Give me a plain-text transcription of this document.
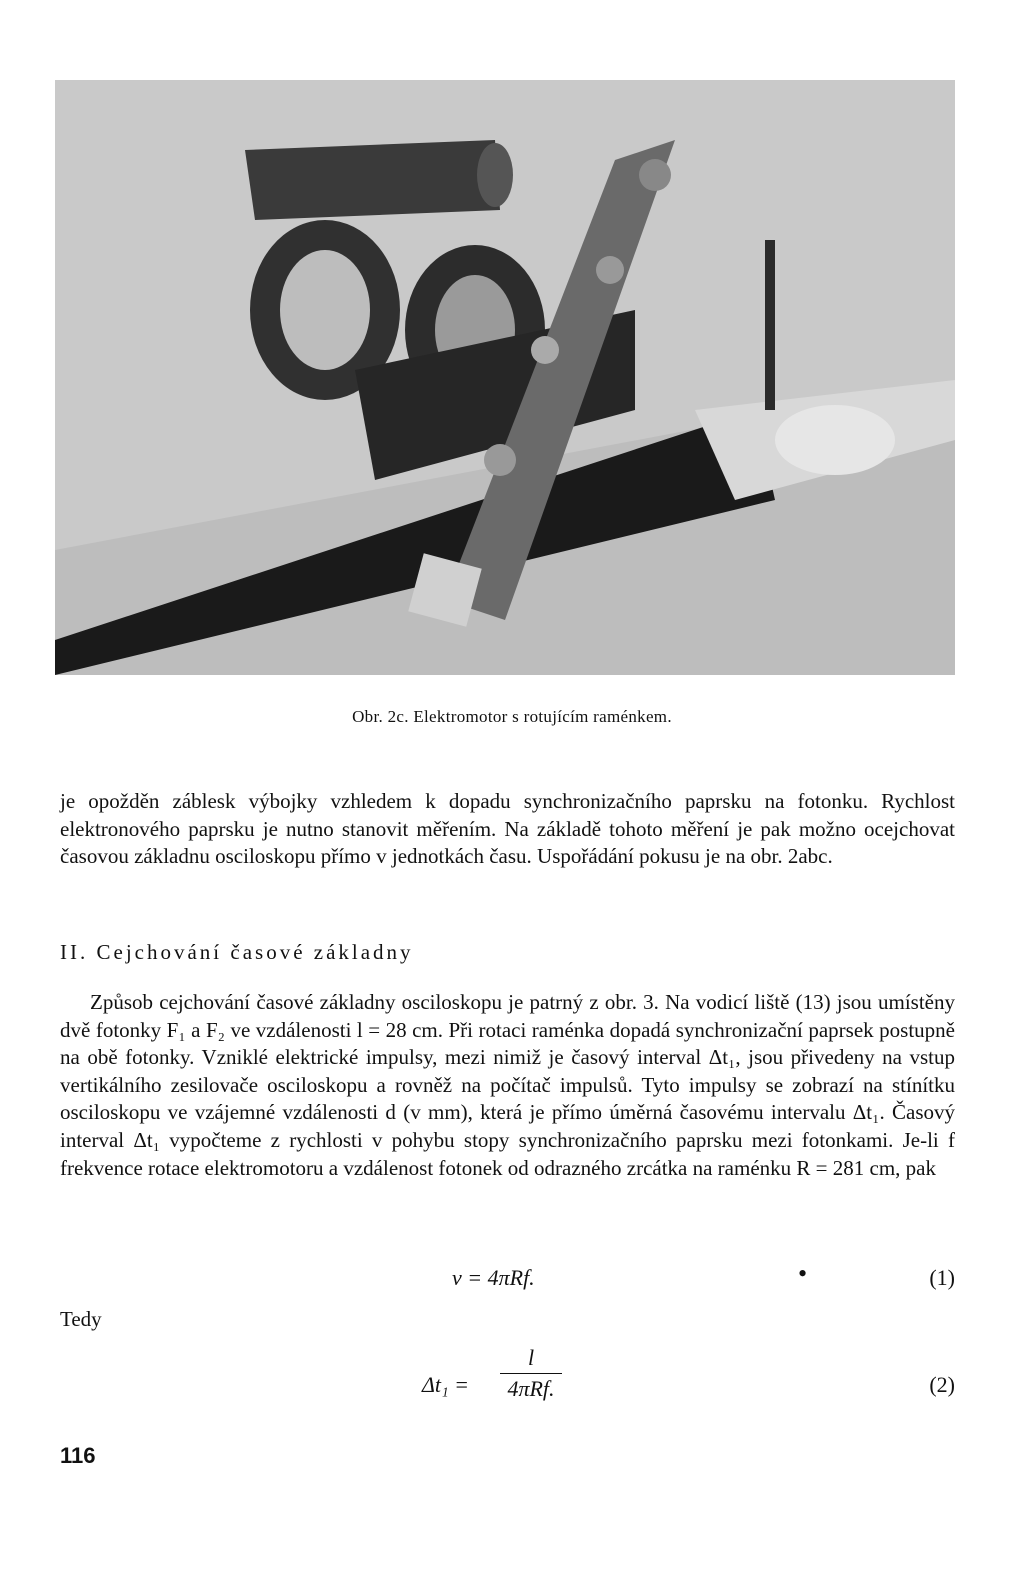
Obr. 2c. Elektromotor s rotujícím raménkem.

je opožděn záblesk výbojky vzhledem k dopadu synchronizačního paprsku na fotonku. Rychlost elektronového paprsku je nutno stanovit měřením. Na základě tohoto měření je pak možno ocejchovat časovou základnu osciloskopu přímo v jednotkách času. Uspořádání pokusu je na obr. 2abc.

II. Cejchování časové základny

Způsob cejchování časové základny osciloskopu je patrný z obr. 3. Na vodicí liště (13) jsou umístěny dvě fotonky F₁ a F₂ ve vzdálenosti l = 28 cm. Při rotaci raménka dopadá synchronizační paprsek postupně na obě fotonky. Vzniklé elektrické impulsy, mezi nimiž je časový interval Δt₁, jsou přivedeny na vstup vertikálního zesilovače osciloskopu a rovněž na počítač impulsů. Tyto impulsy se zobrazí na stínítku osciloskopu ve vzájemné vzdálenosti d (v mm), která je přímo úměrná časovému intervalu Δt₁. Časový interval Δt₁ vypočteme z rychlosti v pohybu stopy synchronizačního paprsku mezi fotonkami. Je-li f frekvence rotace elektromotoru a vzdálenost fotonek od odrazného zrcátka na raménku R = 281 cm, pak

v = 4πRf.	•	(1)
Tedy
Δt₁ =
l
4πRf.	(2)
116
